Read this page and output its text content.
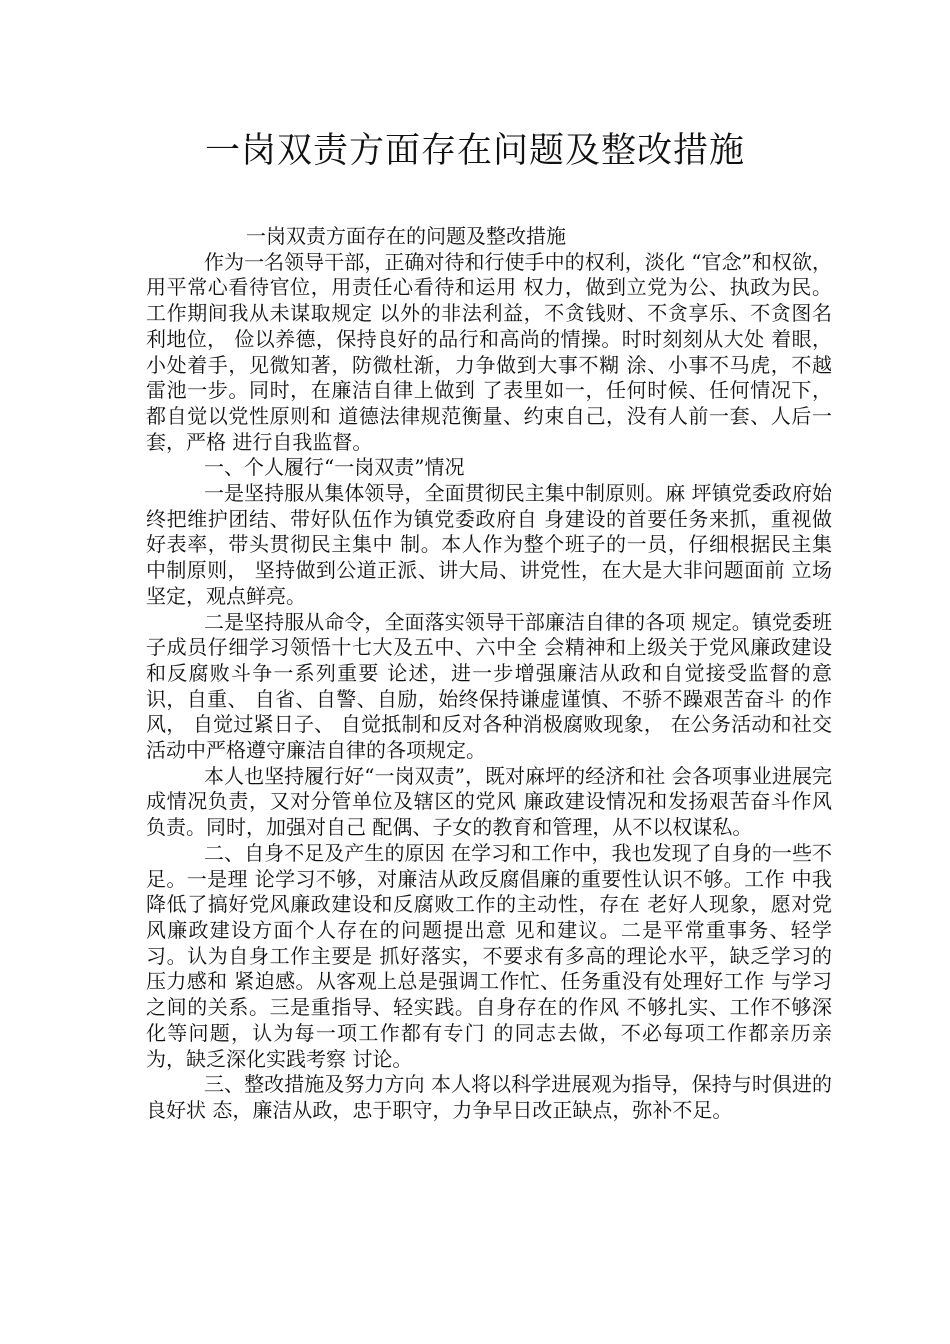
一岗双责方面存在问题及整改措施

一岗双责方面存在的问题及整改措施

作为一名领导干部，正确对待和行使手中的权利，淡化 “官念”和权欲，用平常心看待官位，用责任心看待和运用 权力，做到立党为公、执政为民。工作期间我从未谋取规定 以外的非法利益，不贪钱财、不贪享乐、不贪图名利地位， 俭以养德，保持良好的品行和高尚的情操。时时刻刻从大处 着眼，小处着手，见微知著，防微杜渐，力争做到大事不糊 涂、小事不马虎，不越雷池一步。同时，在廉洁自律上做到 了表里如一，任何时候、任何情况下，都自觉以党性原则和 道德法律规范衡量、约束自己，没有人前一套、人后一套，严格 进行自我监督。

一、个人履行“一岗双责”情况

一是坚持服从集体领导，全面贯彻民主集中制原则。麻 坪镇党委政府始终把维护团结、带好队伍作为镇党委政府自 身建设的首要任务来抓，重视做好表率，带头贯彻民主集中 制。本人作为整个班子的一员，仔细根据民主集中制原则， 坚持做到公道正派、讲大局、讲党性，在大是大非问题面前 立场坚定，观点鲜亮。

二是坚持服从命令，全面落实领导干部廉洁自律的各项 规定。镇党委班子成员仔细学习领悟十七大及五中、六中全 会精神和上级关于党风廉政建设和反腐败斗争一系列重要 论述，进一步增强廉洁从政和自觉接受监督的意识，自重、 自省、自警、自励，始终保持谦虚谨慎、不骄不躁艰苦奋斗 的作风， 自觉过紧日子、 自觉抵制和反对各种消极腐败现象， 在公务活动和社交活动中严格遵守廉洁自律的各项规定。

本人也坚持履行好“一岗双责”，既对麻坪的经济和社 会各项事业进展完成情况负责，又对分管单位及辖区的党风 廉政建设情况和发扬艰苦奋斗作风负责。同时，加强对自己 配偶、子女的教育和管理，从不以权谋私。

二、自身不足及产生的原因 在学习和工作中，我也发现了自身的一些不足。一是理 论学习不够，对廉洁从政反腐倡廉的重要性认识不够。工作 中我降低了搞好党风廉政建设和反腐败工作的主动性，存在 老好人现象，愿对党风廉政建设方面个人存在的问题提出意 见和建议。二是平常重事务、轻学习。认为自身工作主要是 抓好落实，不要求有多高的理论水平，缺乏学习的压力感和 紧迫感。从客观上总是强调工作忙、任务重没有处理好工作 与学习之间的关系。三是重指导、轻实践。自身存在的作风 不够扎实、工作不够深化等问题，认为每一项工作都有专门 的同志去做，不必每项工作都亲历亲为，缺乏深化实践考察 讨论。

三、整改措施及努力方向 本人将以科学进展观为指导，保持与时俱进的良好状 态，廉洁从政，忠于职守，力争早日改正缺点，弥补不足。
